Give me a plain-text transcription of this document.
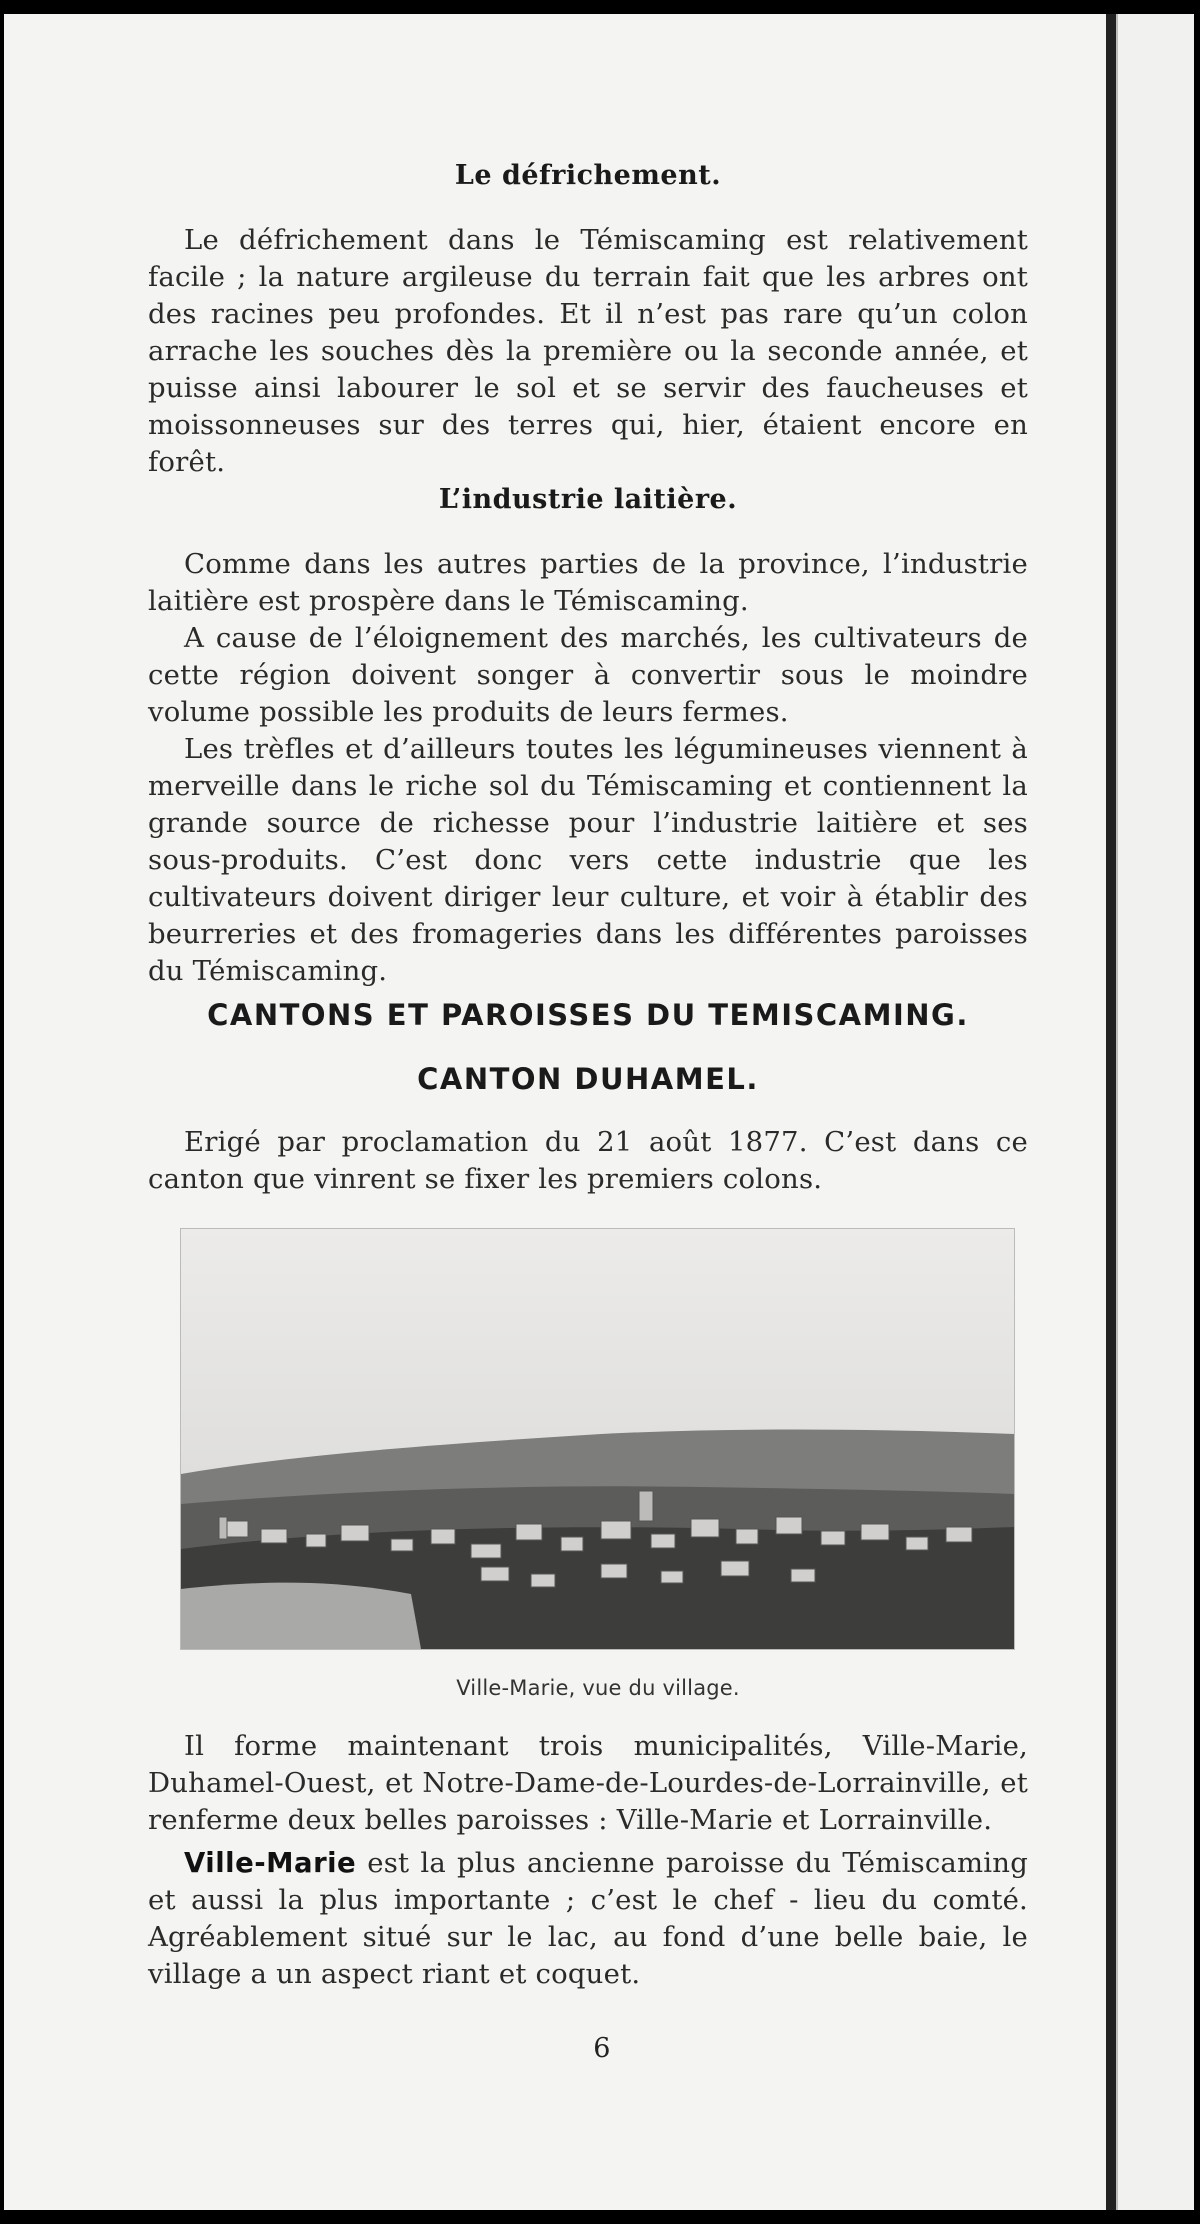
Le défrichement.

Le défrichement dans le Témiscaming est relativement facile ; la nature argileuse du terrain fait que les arbres ont des racines peu profondes. Et il n’est pas rare qu’un colon arrache les souches dès la première ou la seconde année, et puisse ainsi labourer le sol et se servir des faucheuses et moissonneuses sur des terres qui, hier, étaient encore en forêt.

L’industrie laitière.

Comme dans les autres parties de la province, l’industrie laitière est prospère dans le Témiscaming.

A cause de l’éloignement des marchés, les cultivateurs de cette région doivent songer à convertir sous le moindre volume possible les produits de leurs fermes.

Les trèfles et d’ailleurs toutes les légumineuses viennent à merveille dans le riche sol du Témiscaming et contiennent la grande source de richesse pour l’industrie laitière et ses sous-produits. C’est donc vers cette industrie que les cultivateurs doivent diriger leur culture, et voir à établir des beurreries et des fromageries dans les différentes paroisses du Témiscaming.

CANTONS ET PAROISSES DU TEMISCAMING.
CANTON DUHAMEL.

Erigé par proclamation du 21 août 1877. C’est dans ce canton que vinrent se fixer les premiers colons.

Ville-Marie, vue du village.

Il forme maintenant trois municipalités, Ville-Marie, Duhamel-Ouest, et Notre-Dame-de-Lourdes-de-Lorrainville, et renferme deux belles paroisses : Ville-Marie et Lorrainville.

Ville-Marie est la plus ancienne paroisse du Témiscaming et aussi la plus importante ; c’est le chef - lieu du comté. Agréablement situé sur le lac, au fond d’une belle baie, le village a un aspect riant et coquet.

6
